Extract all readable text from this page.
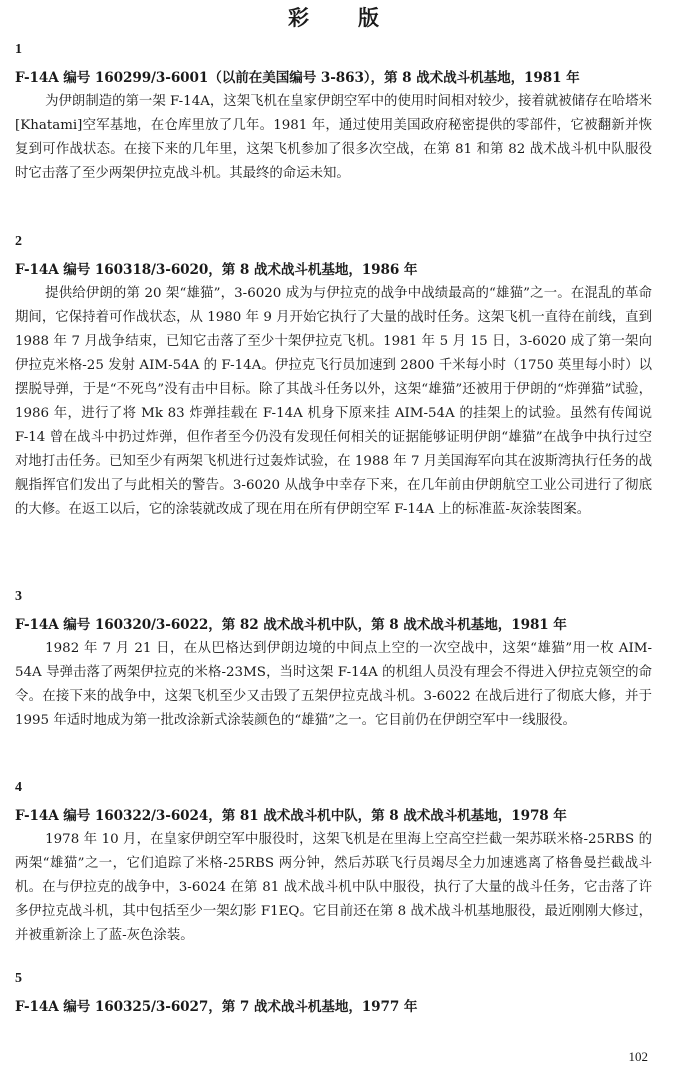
彩　版
1
F-14A 编号 160299/3-6001（以前在美国编号 3-863），第 8 战术战斗机基地，1981 年

为伊朗制造的第一架 F-14A，这架飞机在皇家伊朗空军中的使用时间相对较少，接着就被储存在哈塔米[Khatami]空军基地，在仓库里放了几年。1981 年，通过使用美国政府秘密提供的零部件，它被翻新并恢复到可作战状态。在接下来的几年里，这架飞机参加了很多次空战，在第 81 和第 82 战术战斗机中队服役时它击落了至少两架伊拉克战斗机。其最终的命运未知。

2
F-14A 编号 160318/3-6020，第 8 战术战斗机基地，1986 年

提供给伊朗的第 20 架“雄猫”，3-6020 成为与伊拉克的战争中战绩最高的“雄猫”之一。在混乱的革命期间，它保持着可作战状态，从 1980 年 9 月开始它执行了大量的战时任务。这架飞机一直待在前线，直到 1988 年 7 月战争结束，已知它击落了至少十架伊拉克飞机。1981 年 5 月 15 日，3-6020 成了第一架向伊拉克米格-25 发射 AIM-54A 的 F-14A。伊拉克飞行员加速到 2800 千米每小时（1750 英里每小时）以摆脱导弹，于是“不死鸟”没有击中目标。除了其战斗任务以外，这架“雄猫”还被用于伊朗的“炸弹猫”试验，1986 年，进行了将 Mk 83 炸弹挂载在 F-14A 机身下原来挂 AIM-54A 的挂架上的试验。虽然有传闻说 F-14 曾在战斗中扔过炸弹，但作者至今仍没有发现任何相关的证据能够证明伊朗“雄猫”在战争中执行过空对地打击任务。已知至少有两架飞机进行过轰炸试验，在 1988 年 7 月美国海军向其在波斯湾执行任务的战舰指挥官们发出了与此相关的警告。3-6020 从战争中幸存下来，在几年前由伊朗航空工业公司进行了彻底的大修。在返工以后，它的涂装就改成了现在用在所有伊朗空军 F-14A 上的标准蓝-灰涂装图案。

3
F-14A 编号 160320/3-6022，第 82 战术战斗机中队，第 8 战术战斗机基地，1981 年

1982 年 7 月 21 日，在从巴格达到伊朗边境的中间点上空的一次空战中，这架“雄猫”用一枚 AIM-54A 导弹击落了两架伊拉克的米格-23MS，当时这架 F-14A 的机组人员没有理会不得进入伊拉克领空的命令。在接下来的战争中，这架飞机至少又击毁了五架伊拉克战斗机。3-6022 在战后进行了彻底大修，并于 1995 年适时地成为第一批改涂新式涂装颜色的“雄猫”之一。它目前仍在伊朗空军中一线服役。

4
F-14A 编号 160322/3-6024，第 81 战术战斗机中队，第 8 战术战斗机基地，1978 年

1978 年 10 月，在皇家伊朗空军中服役时，这架飞机是在里海上空高空拦截一架苏联米格-25RBS 的两架“雄猫”之一，它们追踪了米格-25RBS 两分钟，然后苏联飞行员竭尽全力加速逃离了格鲁曼拦截战斗机。在与伊拉克的战争中，3-6024 在第 81 战术战斗机中队中服役，执行了大量的战斗任务，它击落了许多伊拉克战斗机，其中包括至少一架幻影 F1EQ。它目前还在第 8 战术战斗机基地服役，最近刚刚大修过，并被重新涂上了蓝-灰色涂装。

5
F-14A 编号 160325/3-6027，第 7 战术战斗机基地，1977 年
102
